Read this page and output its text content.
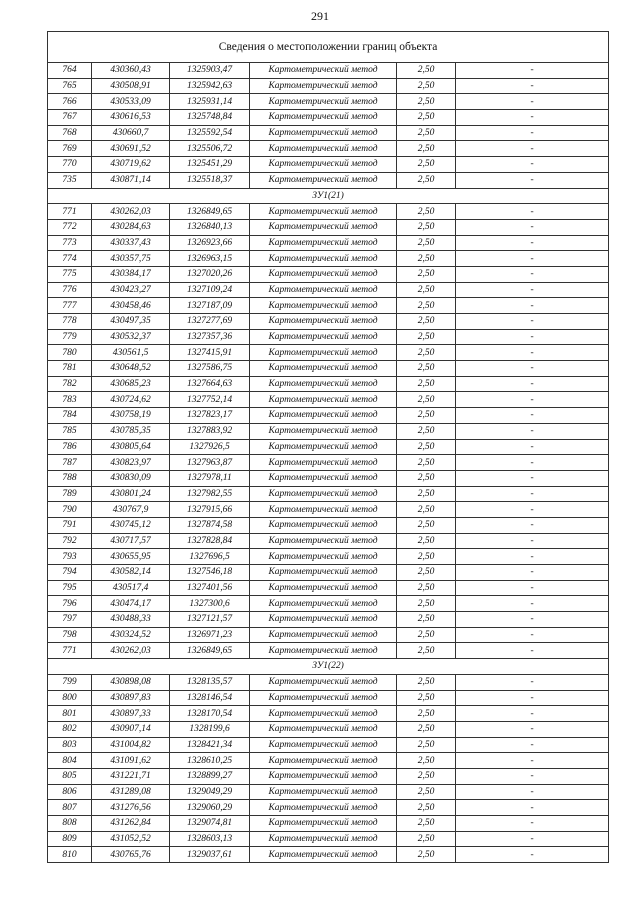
291
Сведения о местоположении границ объекта					
764	430360,43	1325903,47	Картометрический метод	2,50	-
765	430508,91	1325942,63	Картометрический метод	2,50	-
766	430533,09	1325931,14	Картометрический метод	2,50	-
767	430616,53	1325748,84	Картометрический метод	2,50	-
768	430660,7	1325592,54	Картометрический метод	2,50	-
769	430691,52	1325506,72	Картометрический метод	2,50	-
770	430719,62	1325451,29	Картометрический метод	2,50	-
735	430871,14	1325518,37	Картометрический метод	2,50	-
ЗУ1(21)					
771	430262,03	1326849,65	Картометрический метод	2,50	-
772	430284,63	1326840,13	Картометрический метод	2,50	-
773	430337,43	1326923,66	Картометрический метод	2,50	-
774	430357,75	1326963,15	Картометрический метод	2,50	-
775	430384,17	1327020,26	Картометрический метод	2,50	-
776	430423,27	1327109,24	Картометрический метод	2,50	-
777	430458,46	1327187,09	Картометрический метод	2,50	-
778	430497,35	1327277,69	Картометрический метод	2,50	-
779	430532,37	1327357,36	Картометрический метод	2,50	-
780	430561,5	1327415,91	Картометрический метод	2,50	-
781	430648,52	1327586,75	Картометрический метод	2,50	-
782	430685,23	1327664,63	Картометрический метод	2,50	-
783	430724,62	1327752,14	Картометрический метод	2,50	-
784	430758,19	1327823,17	Картометрический метод	2,50	-
785	430785,35	1327883,92	Картометрический метод	2,50	-
786	430805,64	1327926,5	Картометрический метод	2,50	-
787	430823,97	1327963,87	Картометрический метод	2,50	-
788	430830,09	1327978,11	Картометрический метод	2,50	-
789	430801,24	1327982,55	Картометрический метод	2,50	-
790	430767,9	1327915,66	Картометрический метод	2,50	-
791	430745,12	1327874,58	Картометрический метод	2,50	-
792	430717,57	1327828,84	Картометрический метод	2,50	-
793	430655,95	1327696,5	Картометрический метод	2,50	-
794	430582,14	1327546,18	Картометрический метод	2,50	-
795	430517,4	1327401,56	Картометрический метод	2,50	-
796	430474,17	1327300,6	Картометрический метод	2,50	-
797	430488,33	1327121,57	Картометрический метод	2,50	-
798	430324,52	1326971,23	Картометрический метод	2,50	-
771	430262,03	1326849,65	Картометрический метод	2,50	-
ЗУ1(22)					
799	430898,08	1328135,57	Картометрический метод	2,50	-
800	430897,83	1328146,54	Картометрический метод	2,50	-
801	430897,33	1328170,54	Картометрический метод	2,50	-
802	430907,14	1328199,6	Картометрический метод	2,50	-
803	431004,82	1328421,34	Картометрический метод	2,50	-
804	431091,62	1328610,25	Картометрический метод	2,50	-
805	431221,71	1328899,27	Картометрический метод	2,50	-
806	431289,08	1329049,29	Картометрический метод	2,50	-
807	431276,56	1329060,29	Картометрический метод	2,50	-
808	431262,84	1329074,81	Картометрический метод	2,50	-
809	431052,52	1328603,13	Картометрический метод	2,50	-
810	430765,76	1329037,61	Картометрический метод	2,50	-
